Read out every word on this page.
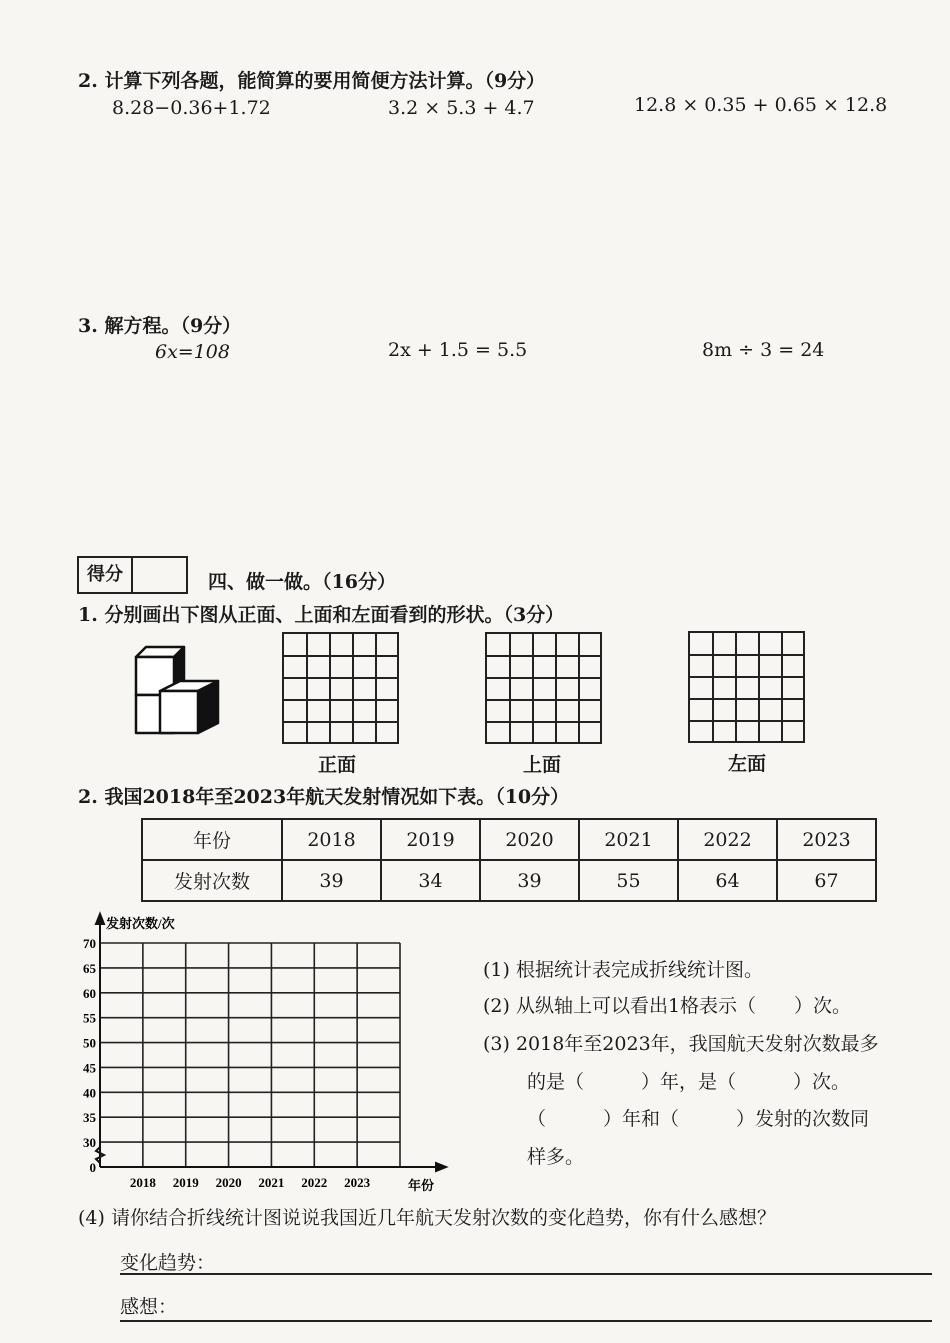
2. 计算下列各题，能简算的要用简便方法计算。（9分）
8.28−0.36+1.72	3.2 × 5.3 + 4.7	12.8 × 0.35 + 0.65 × 12.8
3. 解方程。（9分）
6x=108	2x + 1.5 = 5.5	8m ÷ 3 = 24
得分	四、做一做。（16分）
1. 分别画出下图从正面、上面和左面看到的形状。（3分）
正面	上面	左面
2. 我国2018年至2023年航天发射情况如下表。（10分）
年份	2018	2019	2020	2021	2022	2023
发射次数	39	34	39	55	64	67
0
30
35
40
45
50
55
60
65
70
2018 2019 2020 2021 2022 2023
发射次数/次
年份
(1) 根据统计表完成折线统计图。
(2) 从纵轴上可以看出1格表示（　　）次。
(3) 2018年至2023年，我国航天发射次数最多
的是（　　　）年，是（　　　）次。
（　　　）年和（　　　）发射的次数同
样多。
(4) 请你结合折线统计图说说我国近几年航天发射次数的变化趋势，你有什么感想？
变化趋势：
感想：
